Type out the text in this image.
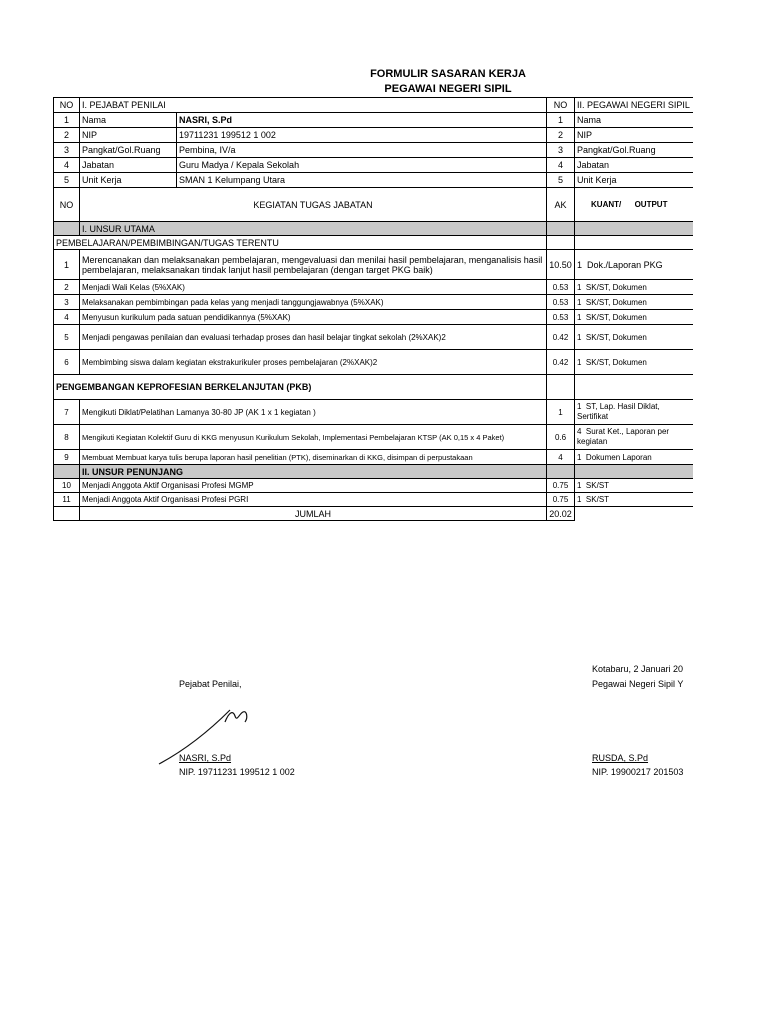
FORMULIR SASARAN KERJA
PEGAWAI NEGERI SIPIL
NO	I. PEJABAT PENILAI		NO	II. PEGAWAI NEGERI SIPIL
1	Nama	NASRI, S.Pd	1	Nama
2	NIP	19711231 199512 1 002	2	NIP
3	Pangkat/Gol.Ruang	Pembina, IV/a	3	Pangkat/Gol.Ruang
4	Jabatan	Guru Madya / Kepala Sekolah	4	Jabatan
5	Unit Kerja	SMAN 1 Kelumpang Utara	5	Unit Kerja
NO	KEGIATAN TUGAS JABATAN		AK	KUANT/ OUTPUT
	I. UNSUR UTAMA			
PEMBELAJARAN/PEMBIMBINGAN/TUGAS TERENTU				
1	Merencanakan dan melaksanakan pembelajaran, mengevaluasi dan menilai hasil pembelajaran, menganalisis hasil pembelajaran, melaksanakan tindak lanjut hasil pembelajaran (dengan target PKG baik)		10.50	1 Dok./Laporan PKG
2	Menjadi Wali Kelas (5%XAK)		0.53	1 SK/ST, Dokumen
3	Melaksanakan pembimbingan pada kelas yang menjadi tanggungjawabnya (5%XAK)		0.53	1 SK/ST, Dokumen
4	Menyusun kurikulum pada satuan pendidikannya (5%XAK)		0.53	1 SK/ST, Dokumen
5	Menjadi pengawas penilaian dan evaluasi terhadap proses dan hasil belajar tingkat sekolah (2%XAK)2		0.42	1 SK/ST, Dokumen
6	Membimbing siswa dalam kegiatan ekstrakurikuler proses pembelajaran (2%XAK)2		0.42	1 SK/ST, Dokumen
PENGEMBANGAN KEPROFESIAN BERKELANJUTAN (PKB)				
7	Mengikuti Diklat/Pelatihan Lamanya 30-80 JP (AK 1 x 1 kegiatan )		1	1 ST, Lap. Hasil Diklat, Sertifikat
8	Mengikuti Kegiatan Kolektif Guru di KKG menyusun Kurikulum Sekolah, Implementasi Pembelajaran KTSP (AK 0,15 x 4 Paket)		0.6	4 Surat Ket., Laporan per kegiatan
9	Membuat Membuat karya tulis berupa laporan hasil penelitian (PTK), diseminarkan di KKG, disimpan di perpustakaan		4	1 Dokumen Laporan
	II. UNSUR PENUNJANG			
10	Menjadi Anggota Aktif Organisasi Profesi MGMP		0.75	1 SK/ST
11	Menjadi Anggota Aktif Organisasi Profesi PGRI		0.75	1 SK/ST
	JUMLAH		20.02	
Kotabaru, 2 Januari 20
Pejabat Penilai,	Pegawai Negeri Sipil Y
NASRI, S.Pd
NIP. 19711231 199512 1 002
RUSDA, S.Pd
NIP. 19900217 201503
